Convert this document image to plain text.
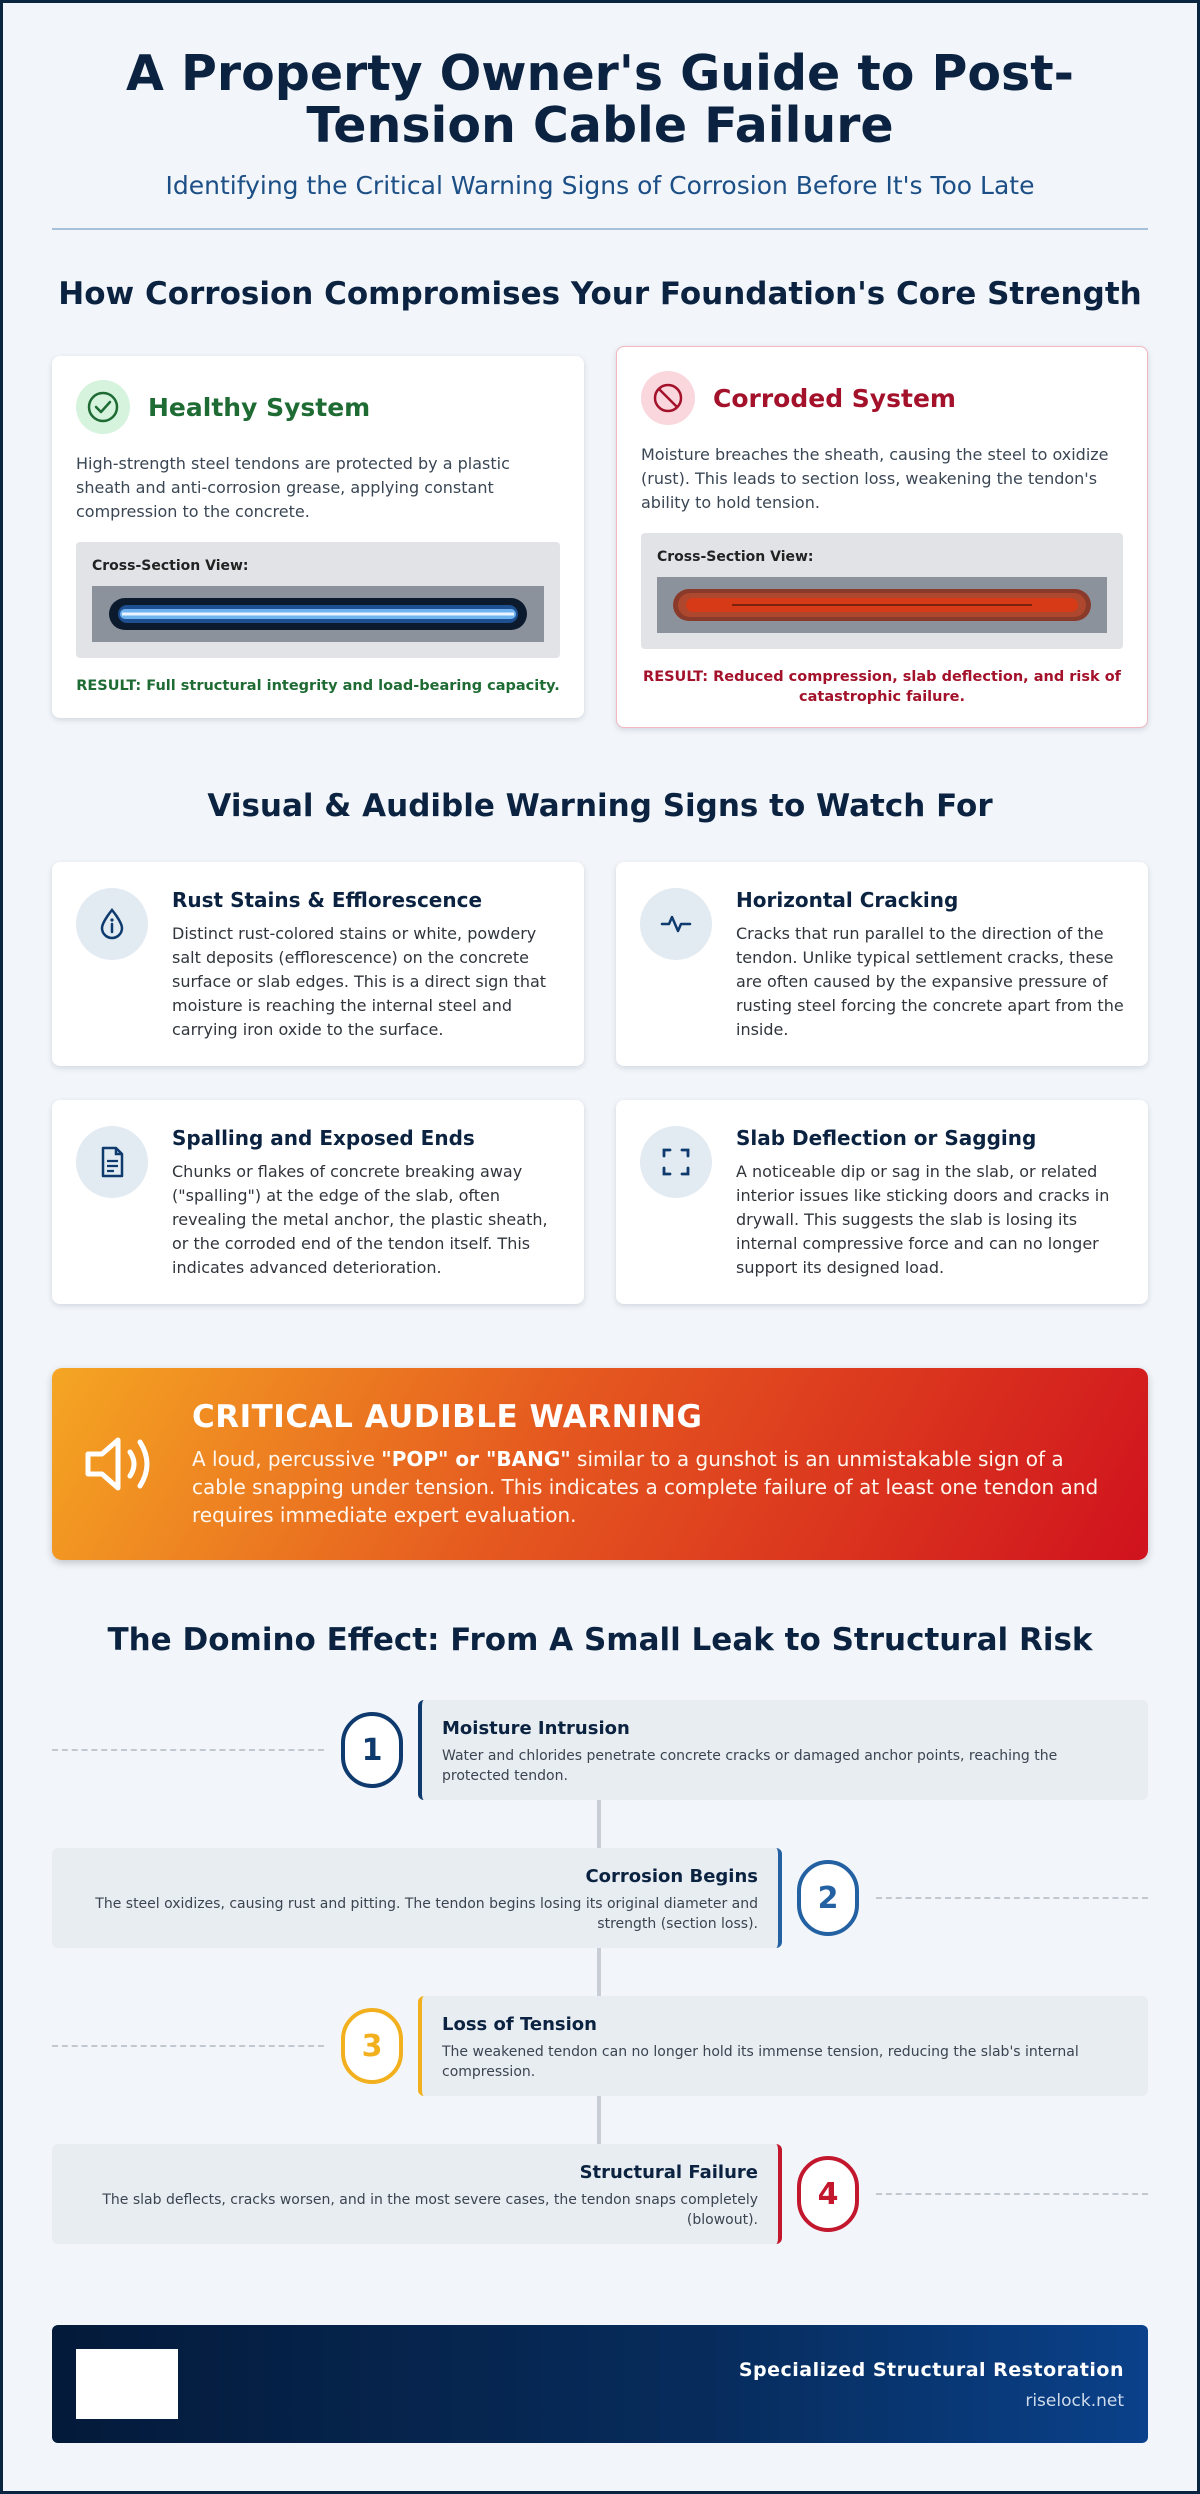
A Property Owner's Guide to Post-Tension Cable Failure
Identifying the Critical Warning Signs of Corrosion Before It's Too Late
How Corrosion Compromises Your Foundation's Core Strength
Healthy System
High-strength steel tendons are protected by a plastic sheath and anti-corrosion grease, applying constant compression to the concrete.
Cross-Section View:
RESULT: Full structural integrity and load-bearing capacity.
Corroded System
Moisture breaches the sheath, causing the steel to oxidize (rust). This leads to section loss, weakening the tendon's ability to hold tension.
Cross-Section View:
RESULT: Reduced compression, slab deflection, and risk of catastrophic failure.
Visual & Audible Warning Signs to Watch For
Rust Stains & Efflorescence
Distinct rust-colored stains or white, powdery salt deposits (efflorescence) on the concrete surface or slab edges. This is a direct sign that moisture is reaching the internal steel and carrying iron oxide to the surface.
Horizontal Cracking
Cracks that run parallel to the direction of the tendon. Unlike typical settlement cracks, these are often caused by the expansive pressure of rusting steel forcing the concrete apart from the inside.
Spalling and Exposed Ends
Chunks or flakes of concrete breaking away ("spalling") at the edge of the slab, often revealing the metal anchor, the plastic sheath, or the corroded end of the tendon itself. This indicates advanced deterioration.
Slab Deflection or Sagging
A noticeable dip or sag in the slab, or related interior issues like sticking doors and cracks in drywall. This suggests the slab is losing its internal compressive force and can no longer support its designed load.
CRITICAL AUDIBLE WARNING
A loud, percussive "POP" or "BANG" similar to a gunshot is an unmistakable sign of a cable snapping under tension. This indicates a complete failure of at least one tendon and requires immediate expert evaluation.
The Domino Effect: From A Small Leak to Structural Risk
1
Moisture Intrusion
Water and chlorides penetrate concrete cracks or damaged anchor points, reaching the protected tendon.
Corrosion Begins
The steel oxidizes, causing rust and pitting. The tendon begins losing its original diameter and strength (section loss).
2
3
Loss of Tension
The weakened tendon can no longer hold its immense tension, reducing the slab's internal compression.
Structural Failure
The slab deflects, cracks worsen, and in the most severe cases, the tendon snaps completely (blowout).
4
Specialized Structural Restoration
riselock.net
